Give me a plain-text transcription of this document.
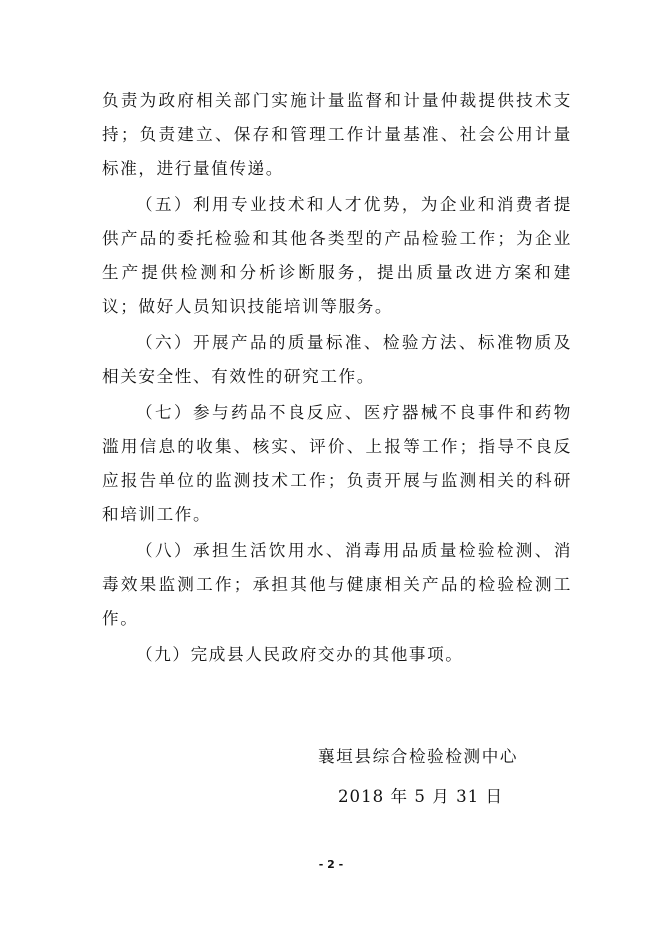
负责为政府相关部门实施计量监督和计量仲裁提供技术支持；负责建立、保存和管理工作计量基准、社会公用计量标准，进行量值传递。

（五）利用专业技术和人才优势，为企业和消费者提供产品的委托检验和其他各类型的产品检验工作；为企业生产提供检测和分析诊断服务，提出质量改进方案和建议；做好人员知识技能培训等服务。

（六）开展产品的质量标准、检验方法、标准物质及相关安全性、有效性的研究工作。

（七）参与药品不良反应、医疗器械不良事件和药物滥用信息的收集、核实、评价、上报等工作；指导不良反应报告单位的监测技术工作；负责开展与监测相关的科研和培训工作。

（八）承担生活饮用水、消毒用品质量检验检测、消毒效果监测工作；承担其他与健康相关产品的检验检测工作。

（九）完成县人民政府交办的其他事项。

襄垣县综合检验检测中心
2018 年 5 月 31 日
- 2 -
